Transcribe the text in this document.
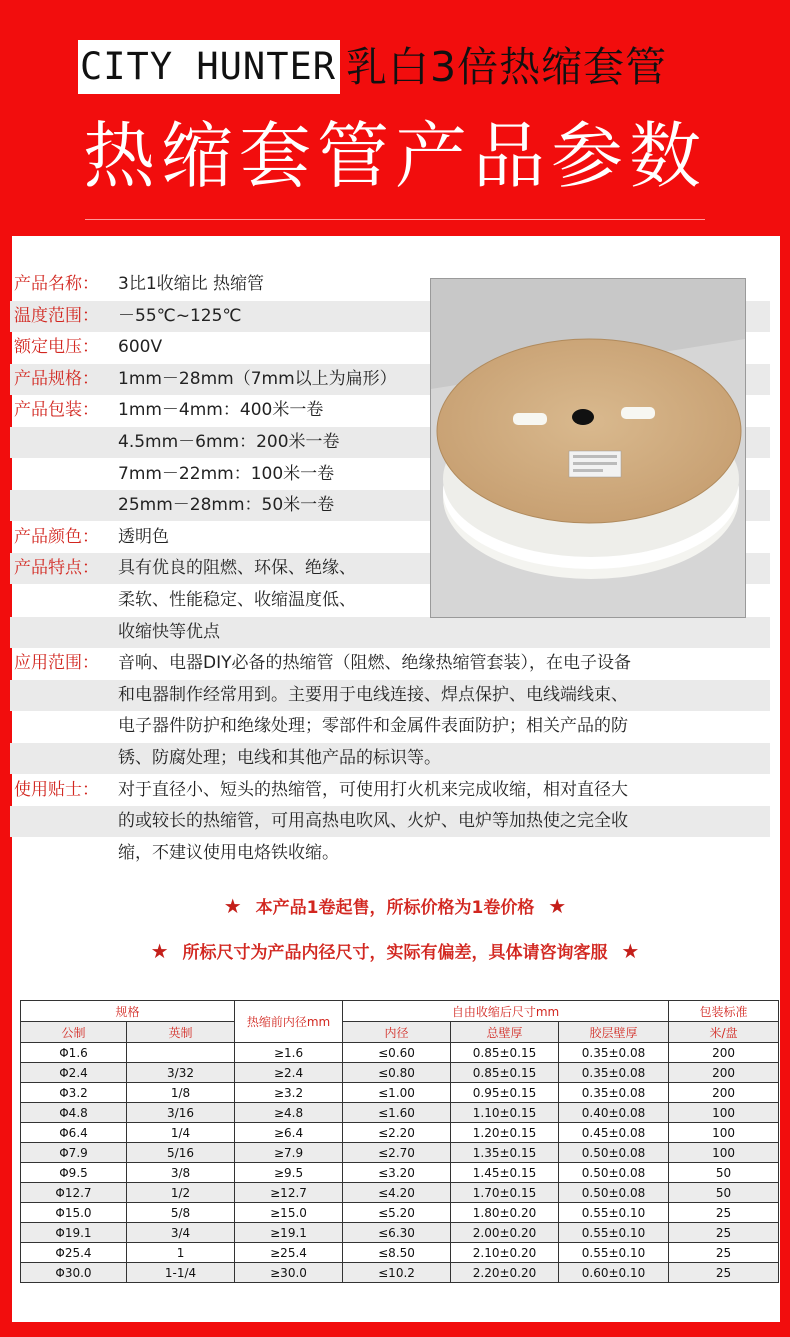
CITY HUNTER 乳白3倍热缩套管
热缩套管产品参数
产品名称： 3比1收缩比 热缩管
温度范围： －55℃~125℃
额定电压： 600V
产品规格： 1mm－28mm（7mm以上为扁形）
产品包装： 1mm－4mm：400米一卷
4.5mm－6mm：200米一卷
7mm－22mm：100米一卷
25mm－28mm：50米一卷
产品颜色： 透明色
产品特点： 具有优良的阻燃、环保、绝缘、
柔软、性能稳定、收缩温度低、
收缩快等优点
应用范围： 音响、电器DIY必备的热缩管（阻燃、绝缘热缩管套装），在电子设备
和电器制作经常用到。主要用于电线连接、焊点保护、电线端线束、
电子器件防护和绝缘处理；零部件和金属件表面防护；相关产品的防
锈、防腐处理；电线和其他产品的标识等。
使用贴士： 对于直径小、短头的热缩管，可使用打火机来完成收缩，相对直径大
的或较长的热缩管，可用高热电吹风、火炉、电炉等加热使之完全收
缩，不建议使用电烙铁收缩。
★ 本产品1卷起售，所标价格为1卷价格 ★
★ 所标尺寸为产品内径尺寸，实际有偏差，具体请咨询客服 ★
规格		热缩前内径mm	自由收缩后尺寸mm			包装标准
公制	英制		内径	总壁厚	胶层壁厚	米/盘
Φ1.6		≥1.6	≤0.60	0.85±0.15	0.35±0.08	200
Φ2.4	3/32	≥2.4	≤0.80	0.85±0.15	0.35±0.08	200
Φ3.2	1/8	≥3.2	≤1.00	0.95±0.15	0.35±0.08	200
Φ4.8	3/16	≥4.8	≤1.60	1.10±0.15	0.40±0.08	100
Φ6.4	1/4	≥6.4	≤2.20	1.20±0.15	0.45±0.08	100
Φ7.9	5/16	≥7.9	≤2.70	1.35±0.15	0.50±0.08	100
Φ9.5	3/8	≥9.5	≤3.20	1.45±0.15	0.50±0.08	50
Φ12.7	1/2	≥12.7	≤4.20	1.70±0.15	0.50±0.08	50
Φ15.0	5/8	≥15.0	≤5.20	1.80±0.20	0.55±0.10	25
Φ19.1	3/4	≥19.1	≤6.30	2.00±0.20	0.55±0.10	25
Φ25.4	1	≥25.4	≤8.50	2.10±0.20	0.55±0.10	25
Φ30.0	1-1/4	≥30.0	≤10.2	2.20±0.20	0.60±0.10	25
